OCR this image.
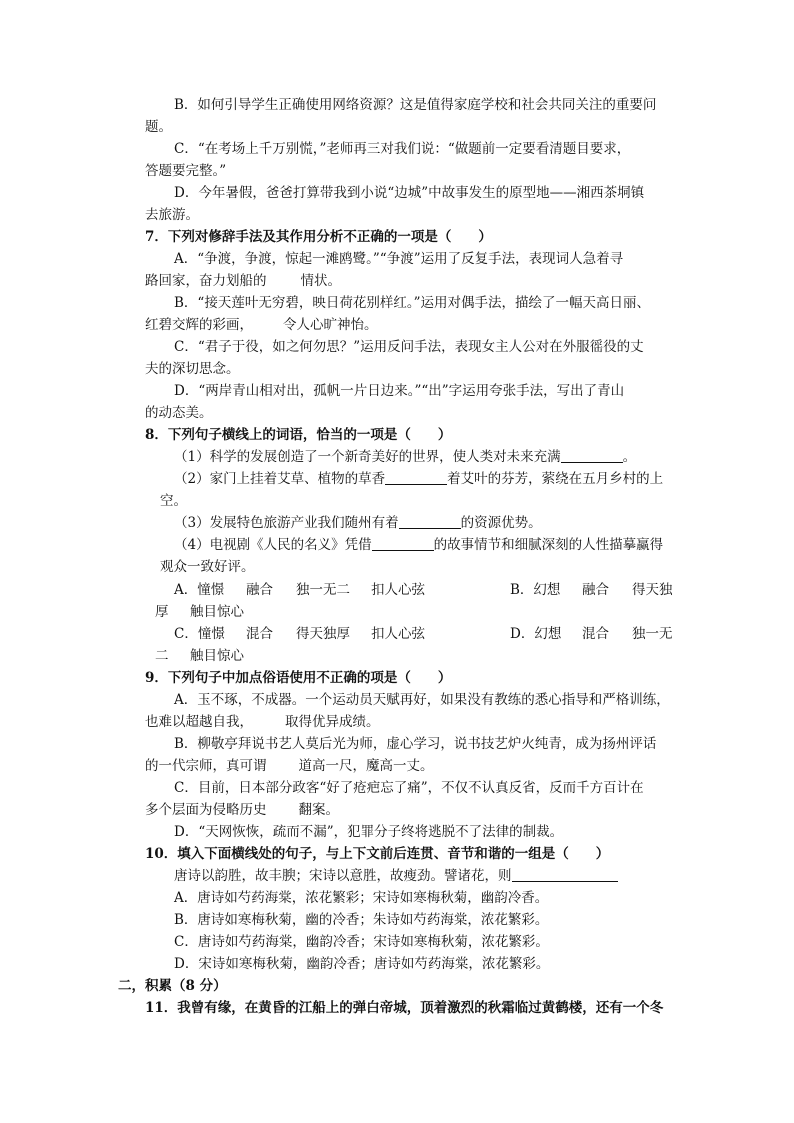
B．如何引导学生正确使用网络资源？这是值得家庭学校和社会共同关注的重要问
题。
C．“在考场上千万别慌，”老师再三对我们说：“做题前一定要看清题目要求，
答题要完整。”
D．今年暑假，爸爸打算带我到小说“边城”中故事发生的原型地——湘西茶垌镇
去旅游。
7．下列对修辞手法及其作用分析不正确的一项是（　　）
A．“争渡，争渡，惊起一滩鸥鹭。”“争渡”运用了反复手法，表现词人急着寻
路回家，奋力划船的	情状。
B．“接天莲叶无穷碧，映日荷花别样红。”运用对偶手法，描绘了一幅天高日丽、
红碧交辉的彩画， 令人心旷神怡。
C．“君子于役，如之何勿思？”运用反问手法，表现女主人公对在外服徭役的丈
夫的深切思念。
D．“两岸青山相对出，孤帆一片日边来。”“出”字运用夸张手法，写出了青山
的动态美。
8．下列句子横线上的词语，恰当的一项是（　　）
（1）科学的发展创造了一个新奇美好的世界，使人类对未来充满	。
（2）家门上挂着艾草、植物的草香	着艾叶的芬芳，萦绕在五月乡村的上
空。
（3）发展特色旅游产业我们随州有着	的资源优势。
（4）电视剧《人民的名义》凭借	的故事情节和细腻深刻的人性描摹赢得
观众一致好评。
A．憧憬 融合 独一无二 扣人心弦	B．幻想 融合 得天独
厚 触目惊心
C．憧憬 混合 得天独厚 扣人心弦	D．幻想 混合 独一无
二 触目惊心
9．下列句子中加点俗语使用不正确的项是（　　）
A．玉不琢，不成器。一个运动员天赋再好，如果没有教练的悉心指导和严格训练，
也难以超越自我， 取得优异成绩。
B．柳敬亭拜说书艺人莫后光为师，虚心学习，说书技艺炉火纯青，成为扬州评话
的一代宗师，真可谓 道高一尺，魔高一丈。
C．目前，日本部分政客“好了疮疤忘了痛”，不仅不认真反省，反而千方百计在
多个层面为侵略历史 翻案。
D．“天网恢恢，疏而不漏”，犯罪分子终将逃脱不了法律的制裁。
10．填入下面横线处的句子，与上下文前后连贯、音节和谐的一组是（　　）
唐诗以韵胜，故丰腴；宋诗以意胜，故瘦劲。譬诸花，则
A．唐诗如芍药海棠，浓花繁彩；宋诗如寒梅秋菊，幽韵冷香。
B．唐诗如寒梅秋菊，幽的冷香；朱诗如芍药海棠，浓花繁彩。
C．唐诗如芍药海棠，幽韵冷香；宋诗如寒梅秋菊，浓花繁彩。
D．宋诗如寒梅秋菊，幽韵冷香；唐诗如芍药海棠，浓花繁彩。
二，积累（8 分）
11．我曾有缘，在黄昏的江船上的弹白帝城，顶着激烈的秋霜临过黄鹤楼，还有一个冬
